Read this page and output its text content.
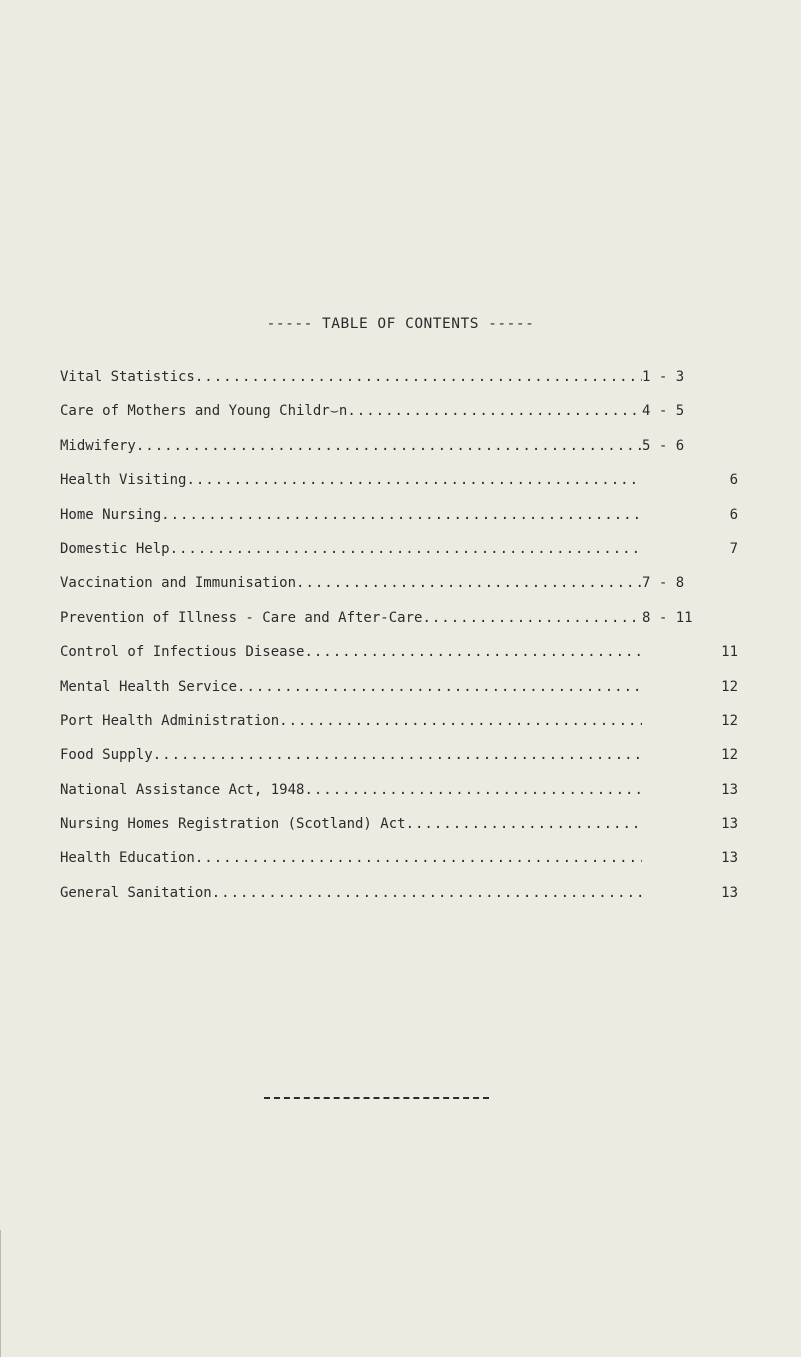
----- TABLE OF CONTENTS -----
Vital Statistics .....	1 - 3
Care of Mothers and Young Childr⌣n .....	4 - 5
Midwifery .....	5 - 6
Health Visiting .....	6
Home Nursing .....	6
Domestic Help .....	7
Vaccination and Immunisation .....	7 - 8
Prevention of Illness - Care and After-Care .....	8 - 11
Control of Infectious Disease .....	11
Mental Health Service .....	12
Port Health Administration .....	12
Food Supply .....	12
National Assistance Act, 1948 .....	13
Nursing Homes Registration (Scotland) Act .....	13
Health Education .....	13
General Sanitation .....	13
